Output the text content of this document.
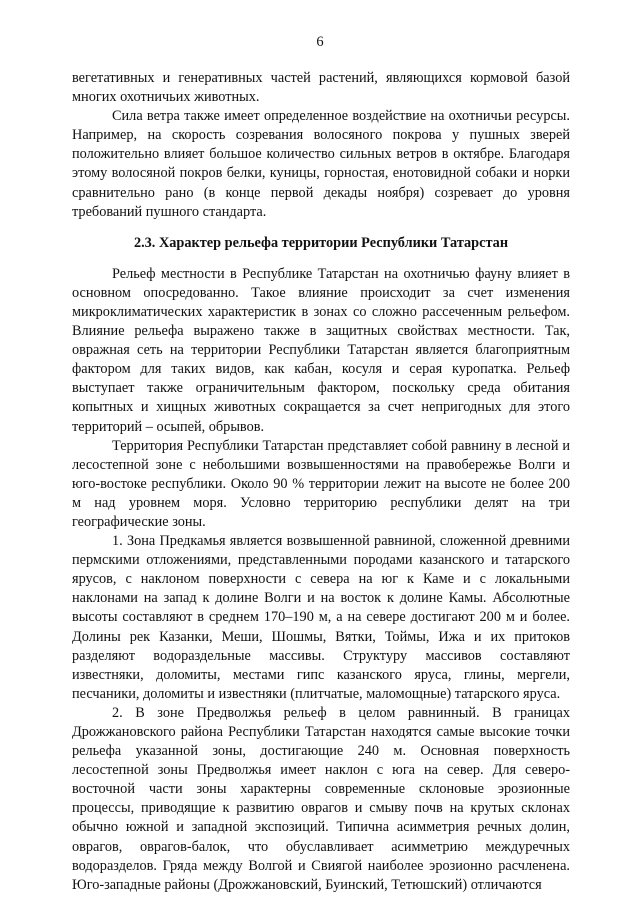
6

вегетативных и генеративных частей растений, являющихся кормовой базой многих охотничьих животных.

Сила ветра также имеет определенное воздействие на охотничьи ресурсы. Например, на скорость созревания волосяного покрова у пушных зверей положительно влияет большое количество сильных ветров в октябре. Благодаря этому волосяной покров белки, куницы, горностая, енотовидной собаки и норки сравнительно рано (в конце первой декады ноября) созревает до уровня требований пушного стандарта.

2.3. Характер рельефа территории Республики Татарстан

Рельеф местности в Республике Татарстан на охотничью фауну влияет в основном опосредованно. Такое влияние происходит за счет изменения микроклиматических характеристик в зонах со сложно рассеченным рельефом. Влияние рельефа выражено также в защитных свойствах местности. Так, овражная сеть на территории Республики Татарстан является благоприятным фактором для таких видов, как кабан, косуля и серая куропатка. Рельеф выступает также ограничительным фактором, поскольку среда обитания копытных и хищных животных сокращается за счет непригодных для этого территорий – осыпей, обрывов.

Территория Республики Татарстан представляет собой равнину в лесной и лесостепной зоне с небольшими возвышенностями на правобережье Волги и юго-востоке республики. Около 90 % территории лежит на высоте не более 200 м над уровнем моря. Условно территорию республики делят на три географические зоны.

1. Зона Предкамья является возвышенной равниной, сложенной древними пермскими отложениями, представленными породами казанского и татарского ярусов, с наклоном поверхности с севера на юг к Каме и с локальными наклонами на запад к долине Волги и на восток к долине Камы. Абсолютные высоты составляют в среднем 170–190 м, а на севере достигают 200 м и более. Долины рек Казанки, Меши, Шошмы, Вятки, Тоймы, Ижа и их притоков разделяют водораздельные массивы. Структуру массивов составляют известняки, доломиты, местами гипс казанского яруса, глины, мергели, песчаники, доломиты и известняки (плитчатые, маломощные) татарского яруса.

2. В зоне Предволжья рельеф в целом равнинный. В границах Дрожжановского района Республики Татарстан находятся самые высокие точки рельефа указанной зоны, достигающие 240 м. Основная поверхность лесостепной зоны Предволжья имеет наклон с юга на север. Для северо-восточной части зоны характерны современные склоновые эрозионные процессы, приводящие к развитию оврагов и смыву почв на крутых склонах обычно южной и западной экспозиций. Типична асимметрия речных долин, оврагов, оврагов-балок, что обуславливает асимметрию междуречных водоразделов. Гряда между Волгой и Свиягой наиболее эрозионно расчленена. Юго-западные районы (Дрожжановский, Буинский, Тетюшский) отличаются
